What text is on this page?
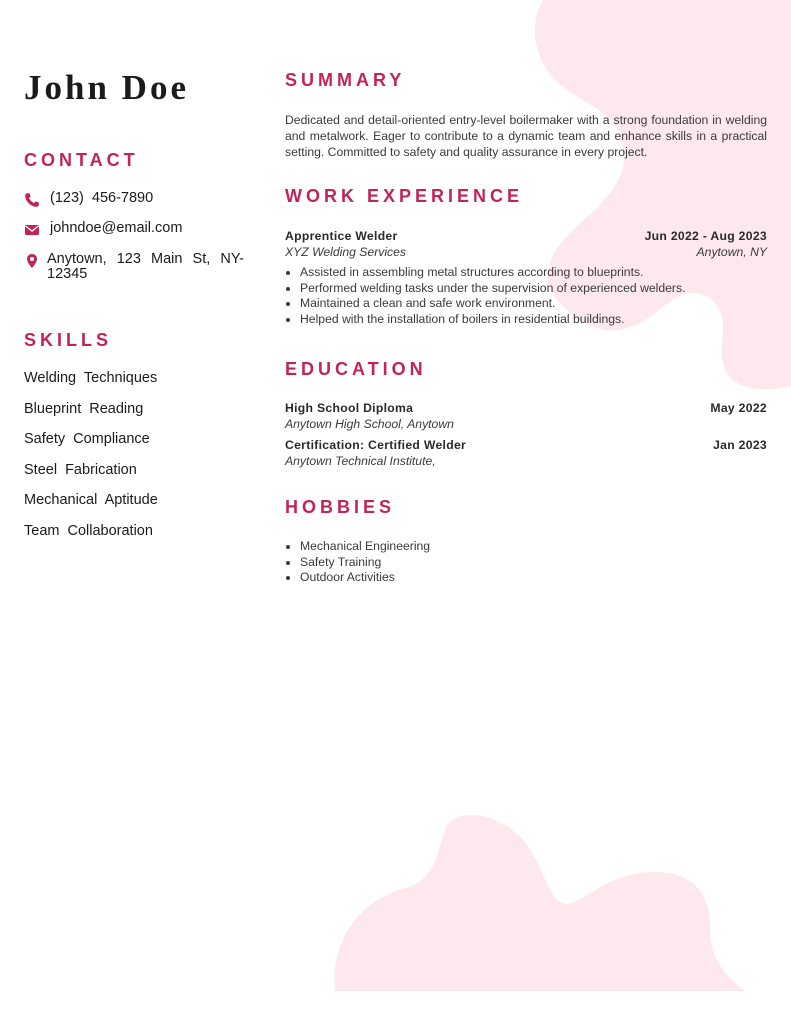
John Doe
CONTACT
(123) 456-7890
johndoe@email.com
Anytown, 123 Main St, NY-12345
SKILLS
Welding Techniques
Blueprint Reading
Safety Compliance
Steel Fabrication
Mechanical Aptitude
Team Collaboration
SUMMARY

Dedicated and detail-oriented entry-level boilermaker with a strong foundation in welding and metalwork. Eager to contribute to a dynamic team and enhance skills in a practical setting. Committed to safety and quality assurance in every project.

WORK EXPERIENCE
Apprentice Welder	Jun 2022 - Aug 2023
XYZ Welding Services	Anytown, NY
• Assisted in assembling metal structures according to blueprints.
• Performed welding tasks under the supervision of experienced welders.
• Maintained a clean and safe work environment.
• Helped with the installation of boilers in residential buildings.
EDUCATION
High School Diploma	May 2022
Anytown High School, Anytown
Certification: Certified Welder	Jan 2023
Anytown Technical Institute,
HOBBIES
• Mechanical Engineering
• Safety Training
• Outdoor Activities
